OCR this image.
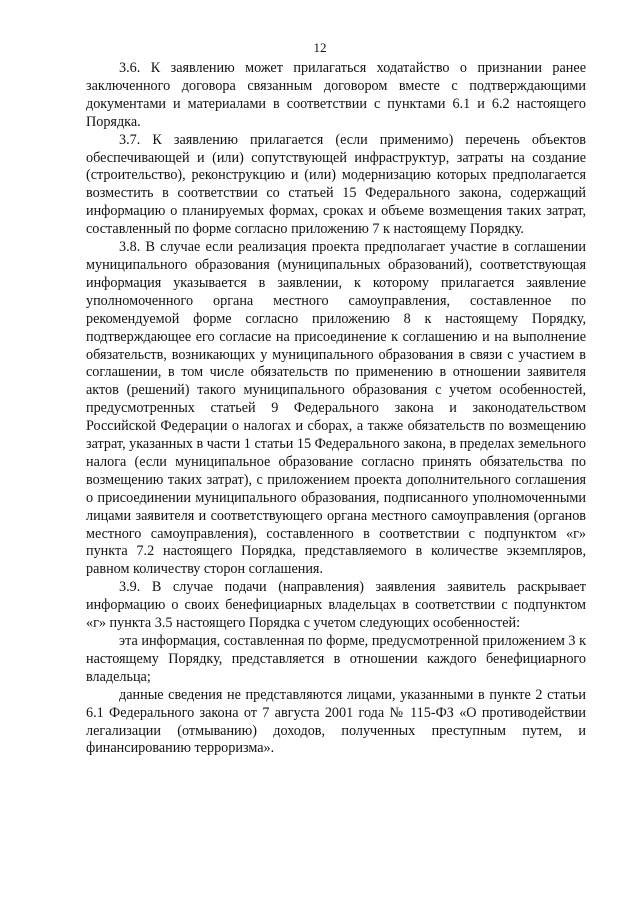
12

3.6. К заявлению может прилагаться ходатайство о признании ранее заключенного договора связанным договором вместе с подтверждающими документами и материалами в соответствии с пунктами 6.1 и 6.2 настоящего Порядка.

3.7. К заявлению прилагается (если применимо) перечень объектов обеспечивающей и (или) сопутствующей инфраструктур, затраты на создание (строительство), реконструкцию и (или) модернизацию которых предполагается возместить в соответствии со статьей 15 Федерального закона, содержащий информацию о планируемых формах, сроках и объеме возмещения таких затрат, составленный по форме согласно приложению 7 к настоящему Порядку.

3.8. В случае если реализация проекта предполагает участие в соглашении муниципального образования (муниципальных образований), соответствующая информация указывается в заявлении, к которому прилагается заявление уполномоченного органа местного самоуправления, составленное по рекомендуемой форме согласно приложению 8 к настоящему Порядку, подтверждающее его согласие на присоединение к соглашению и на выполнение обязательств, возникающих у муниципального образования в связи с участием в соглашении, в том числе обязательств по применению в отношении заявителя актов (решений) такого муниципального образования с учетом особенностей, предусмотренных статьей 9 Федерального закона и законодательством Российской Федерации о налогах и сборах, а также обязательств по возмещению затрат, указанных в части 1 статьи 15 Федерального закона, в пределах земельного налога (если муниципальное образование согласно принять обязательства по возмещению таких затрат), с приложением проекта дополнительного соглашения о присоединении муниципального образования, подписанного уполномоченными лицами заявителя и соответствующего органа местного самоуправления (органов местного самоуправления), составленного в соответствии с подпунктом «г» пункта 7.2 настоящего Порядка, представляемого в количестве экземпляров, равном количеству сторон соглашения.

3.9. В случае подачи (направления) заявления заявитель раскрывает информацию о своих бенефициарных владельцах в соответствии с подпунктом «г» пункта 3.5 настоящего Порядка с учетом следующих особенностей:

эта информация, составленная по форме, предусмотренной приложением 3 к настоящему Порядку, представляется в отношении каждого бенефициарного владельца;

данные сведения не представляются лицами, указанными в пункте 2 статьи 6.1 Федерального закона от 7 августа 2001 года № 115-ФЗ «О противодействии легализации (отмыванию) доходов, полученных преступным путем, и финансированию терроризма».
